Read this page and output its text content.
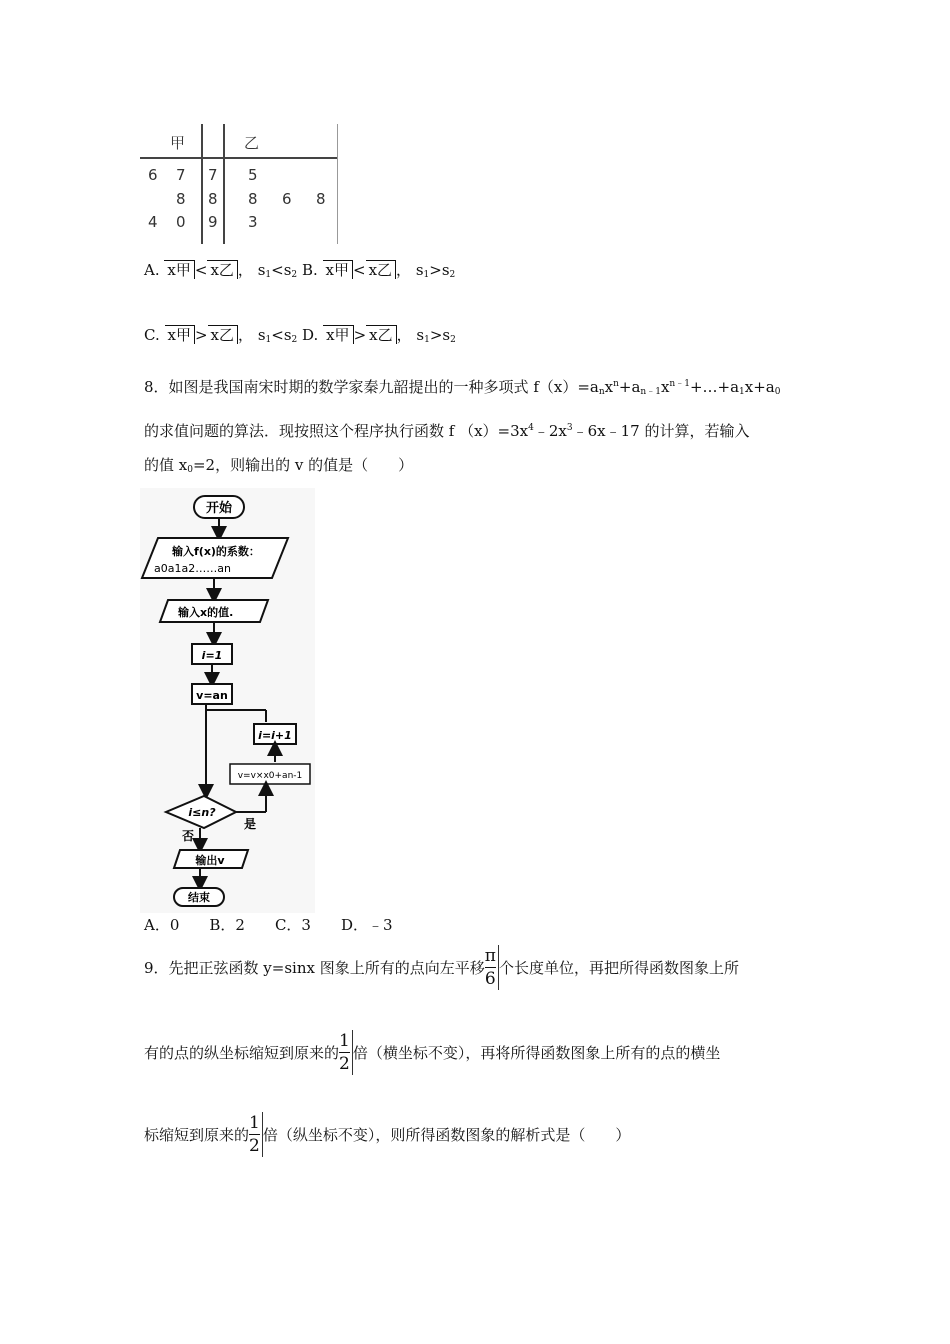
甲	乙
6 7 7 5
8 8 8 6 8
4 0 9 3
A. x甲 < x乙 ， $s_1<s_2$ B. x甲 < x乙 ， $s_1>s_2$
C. x甲 > x乙 ， $s_1<s_2$ D. x甲 > x乙 ， $s_1>s_2$
8．如图是我国南宋时期的数学家秦九韶提出的一种多项式 $f(x)=a_nx^n+a_{n﹣1}x^{n﹣1}+\dots+a_1x+a_0$
的求值问题的算法．现按照这个程序执行函数 f $(x)=3x^4﹣2x^3﹣6x﹣17$ 的计算，若输入
的值 $x_0=2$，则输出的 v 的值是（　　）
开始
输入f(x)的系数：
a0a1a2……an
输入x的值.
i=1
v=an
i=i+1
v=v×x0+an-1
i≤n?
是
否
输出v
结束
A．0　　B．2　　C．3　　D．﹣3
9．先把正弦函数 y=sinx 图象上所有的点向左平移 $\frac{\pi}{6}$ 个长度单位，再把所得函数图象上所
有的点的纵坐标缩短到原来的 $\frac{1}{2}$ 倍（横坐标不变），再将所得函数图象上所有的点的横坐
标缩短到原来的 $\frac{1}{2}$ 倍（纵坐标不变），则所得函数图象的解析式是（　　）
